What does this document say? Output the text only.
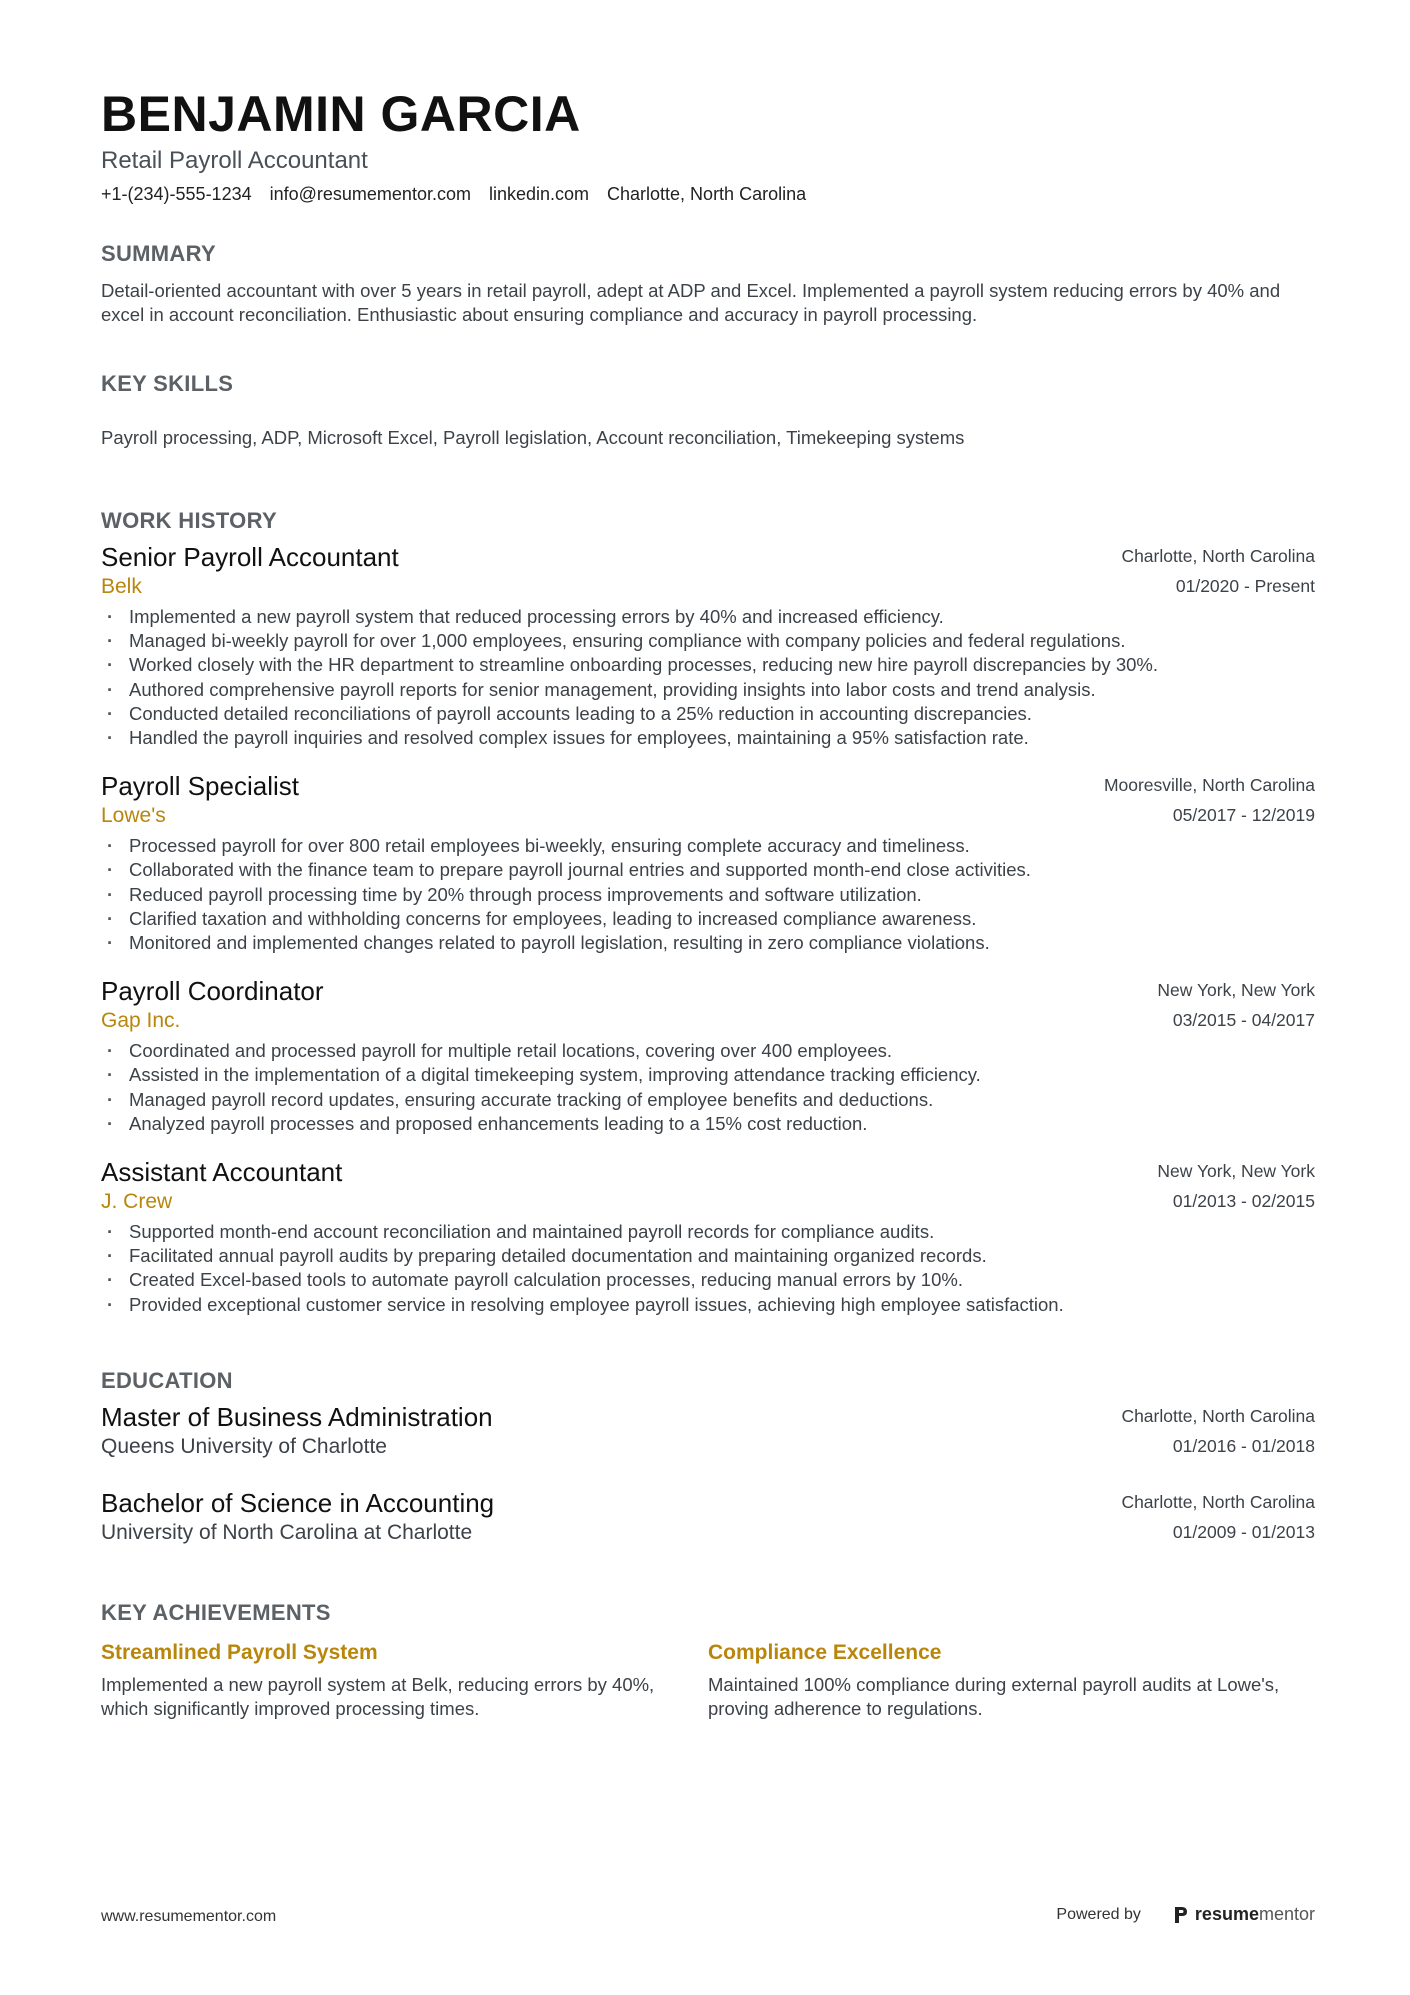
BENJAMIN GARCIA
Retail Payroll Accountant
+1-(234)-555-1234 info@resumementor.com linkedin.com Charlotte, North Carolina
SUMMARY
Detail-oriented accountant with over 5 years in retail payroll, adept at ADP and Excel. Implemented a payroll system reducing errors by 40% and excel in account reconciliation. Enthusiastic about ensuring compliance and accuracy in payroll processing.
KEY SKILLS
Payroll processing, ADP, Microsoft Excel, Payroll legislation, Account reconciliation, Timekeeping systems
WORK HISTORY
Senior Payroll Accountant
Belk
Charlotte, North Carolina
01/2020 - Present
· Implemented a new payroll system that reduced processing errors by 40% and increased efficiency.
· Managed bi-weekly payroll for over 1,000 employees, ensuring compliance with company policies and federal regulations.
· Worked closely with the HR department to streamline onboarding processes, reducing new hire payroll discrepancies by 30%.
· Authored comprehensive payroll reports for senior management, providing insights into labor costs and trend analysis.
· Conducted detailed reconciliations of payroll accounts leading to a 25% reduction in accounting discrepancies.
· Handled the payroll inquiries and resolved complex issues for employees, maintaining a 95% satisfaction rate.
Payroll Specialist
Lowe's
Mooresville, North Carolina
05/2017 - 12/2019
· Processed payroll for over 800 retail employees bi-weekly, ensuring complete accuracy and timeliness.
· Collaborated with the finance team to prepare payroll journal entries and supported month-end close activities.
· Reduced payroll processing time by 20% through process improvements and software utilization.
· Clarified taxation and withholding concerns for employees, leading to increased compliance awareness.
· Monitored and implemented changes related to payroll legislation, resulting in zero compliance violations.
Payroll Coordinator
Gap Inc.
New York, New York
03/2015 - 04/2017
· Coordinated and processed payroll for multiple retail locations, covering over 400 employees.
· Assisted in the implementation of a digital timekeeping system, improving attendance tracking efficiency.
· Managed payroll record updates, ensuring accurate tracking of employee benefits and deductions.
· Analyzed payroll processes and proposed enhancements leading to a 15% cost reduction.
Assistant Accountant
J. Crew
New York, New York
01/2013 - 02/2015
· Supported month-end account reconciliation and maintained payroll records for compliance audits.
· Facilitated annual payroll audits by preparing detailed documentation and maintaining organized records.
· Created Excel-based tools to automate payroll calculation processes, reducing manual errors by 10%.
· Provided exceptional customer service in resolving employee payroll issues, achieving high employee satisfaction.
EDUCATION
Master of Business Administration
Queens University of Charlotte
Charlotte, North Carolina
01/2016 - 01/2018
Bachelor of Science in Accounting
University of North Carolina at Charlotte
Charlotte, North Carolina
01/2009 - 01/2013
KEY ACHIEVEMENTS
Streamlined Payroll System
Implemented a new payroll system at Belk, reducing errors by 40%, which significantly improved processing times.
Compliance Excellence
Maintained 100% compliance during external payroll audits at Lowe's, proving adherence to regulations.
www.resumementor.com	Powered by	resumementor
